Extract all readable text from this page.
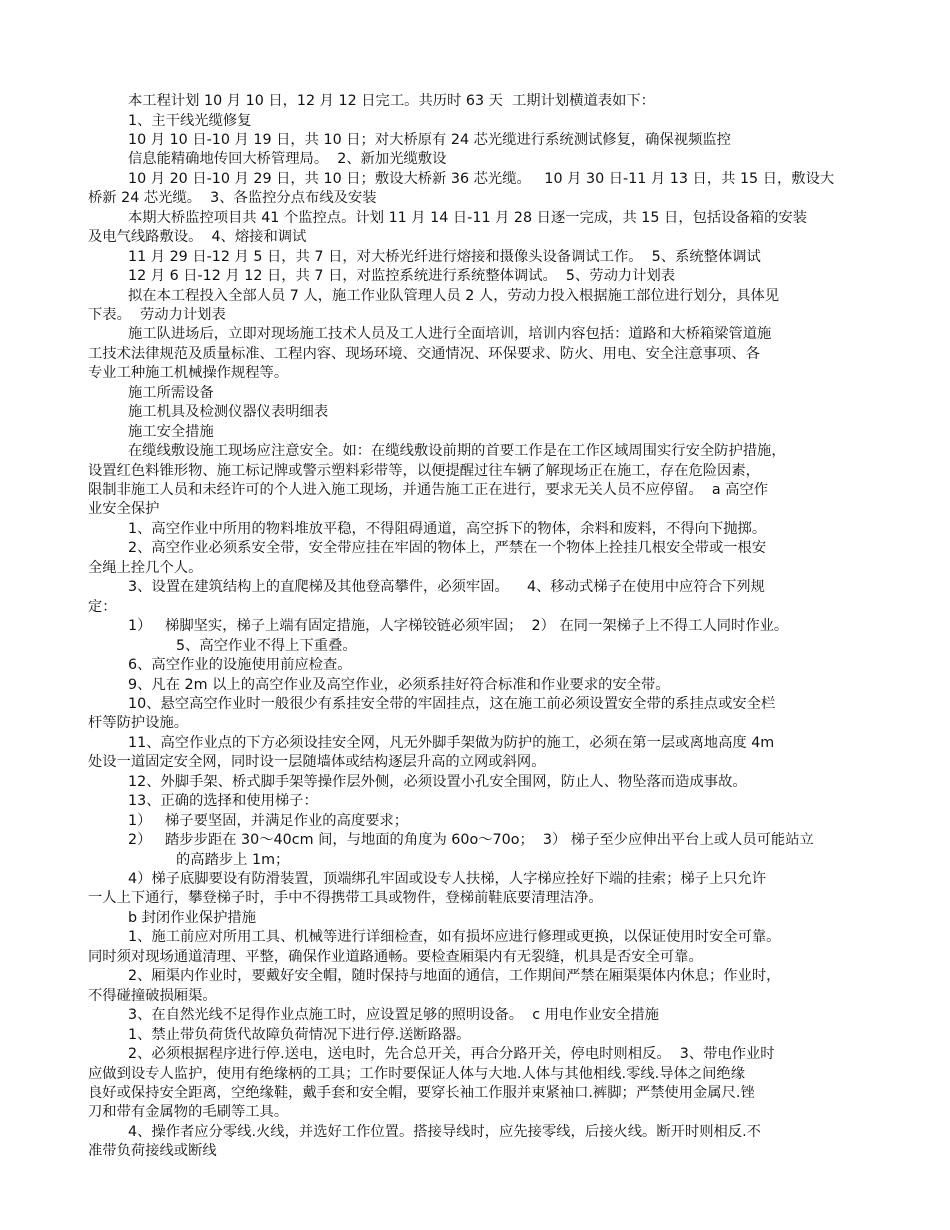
本工程计划 10 月 10 日，12 月 12 日完工。共历时 63 天  工期计划横道表如下：
1、主干线光缆修复
10 月 10 日-10 月 19 日，共 10 日；对大桥原有 24 芯光缆进行系统测试修复，确保视频监控
信息能精确地传回大桥管理局。  2、新加光缆敷设
10 月 20 日-10 月 29 日，共 10 日；敷设大桥新 36 芯光缆。   10 月 30 日-11 月 13 日，共 15 日，敷设大
桥新 24 芯光缆。  3、各监控分点布线及安装
本期大桥监控项目共 41 个监控点。计划 11 月 14 日-11 月 28 日逐一完成，共 15 日，包括设备箱的安装
及电气线路敷设。  4、熔接和调试
11 月 29 日-12 月 5 日，共 7 日，对大桥光纤进行熔接和摄像头设备调试工作。  5、系统整体调试
12 月 6 日-12 月 12 日，共 7 日，对监控系统进行系统整体调试。  5、劳动力计划表
拟在本工程投入全部人员 7 人，施工作业队管理人员 2 人，劳动力投入根据施工部位进行划分，具体见
下表。  劳动力计划表
施工队进场后，立即对现场施工技术人员及工人进行全面培训，培训内容包括：道路和大桥箱梁管道施
工技术法律规范及质量标准、工程内容、现场环境、交通情况、环保要求、防火、用电、安全注意事项、各
专业工种施工机械操作规程等。
施工所需设备
施工机具及检测仪器仪表明细表
施工安全措施
在缆线敷设施工现场应注意安全。如：在缆线敷设前期的首要工作是在工作区域周围实行安全防护措施，
设置红色料锥形物、施工标记牌或警示塑料彩带等，以便提醒过往车辆了解现场正在施工，存在危险因素，
限制非施工人员和未经许可的个人进入施工现场，并通告施工正在进行，要求无关人员不应停留。  a 高空作
业安全保护
1、高空作业中所用的物料堆放平稳，不得阻碍通道，高空拆下的物体，余料和废料，不得向下抛掷。
2、高空作业必须系安全带，安全带应挂在牢固的物体上，严禁在一个物体上拴挂几根安全带或一根安
全绳上拴几个人。
3、设置在建筑结构上的直爬梯及其他登高攀件，必须牢固。    4、移动式梯子在使用中应符合下列规
定：
1）   梯脚坚实，梯子上端有固定措施，人字梯铰链必须牢固；  2） 在同一架梯子上不得工人同时作业。
5、高空作业不得上下重叠。
6、高空作业的设施使用前应检查。
9、凡在 2m 以上的高空作业及高空作业，必须系挂好符合标准和作业要求的安全带。
10、悬空高空作业时一般很少有系挂安全带的牢固挂点，这在施工前必须设置安全带的系挂点或安全栏
杆等防护设施。
11、高空作业点的下方必须设挂安全网，凡无外脚手架做为防护的施工，必须在第一层或离地高度 4m
处设一道固定安全网，同时设一层随墙体或结构逐层升高的立网或斜网。
12、外脚手架、桥式脚手架等操作层外侧，必须设置小孔安全围网，防止人、物坠落而造成事故。
13、正确的选择和使用梯子：
1）   梯子要坚固，并满足作业的高度要求；
2）   踏步步距在 30～40cm 间，与地面的角度为 60o～70o；  3） 梯子至少应伸出平台上或人员可能站立
的高踏步上 1m；
4）梯子底脚要设有防滑装置，顶端绑孔牢固或设专人扶梯，人字梯应拴好下端的挂索；梯子上只允许
一人上下通行，攀登梯子时，手中不得携带工具或物件，登梯前鞋底要清理洁净。
b 封闭作业保护措施
1、施工前应对所用工具、机械等进行详细检查，如有损坏应进行修理或更换，以保证使用时安全可靠。
同时须对现场通道清理、平整，确保作业道路通畅。要检查厢渠内有无裂缝，机具是否安全可靠。
2、厢渠内作业时，要戴好安全帽，随时保持与地面的通信，工作期间严禁在厢渠渠体内休息；作业时，
不得碰撞破损厢渠。
3、在自然光线不足得作业点施工时，应设置足够的照明设备。  c 用电作业安全措施
1、禁止带负荷货代故障负荷情况下进行停.送断路器。
2、必须根据程序进行停.送电，送电时，先合总开关，再合分路开关，停电时则相反。  3、带电作业时
应做到设专人监护，使用有绝缘柄的工具；工作时要保证人体与大地.人体与其他相线.零线.导体之间绝缘
良好或保持安全距离，空绝缘鞋，戴手套和安全帽，要穿长袖工作服并束紧袖口.裤脚；严禁使用金属尺.锉
刀和带有金属物的毛刷等工具。
4、操作者应分零线.火线，并选好工作位置。搭接导线时，应先接零线，后接火线。断开时则相反.不
准带负荷接线或断线
